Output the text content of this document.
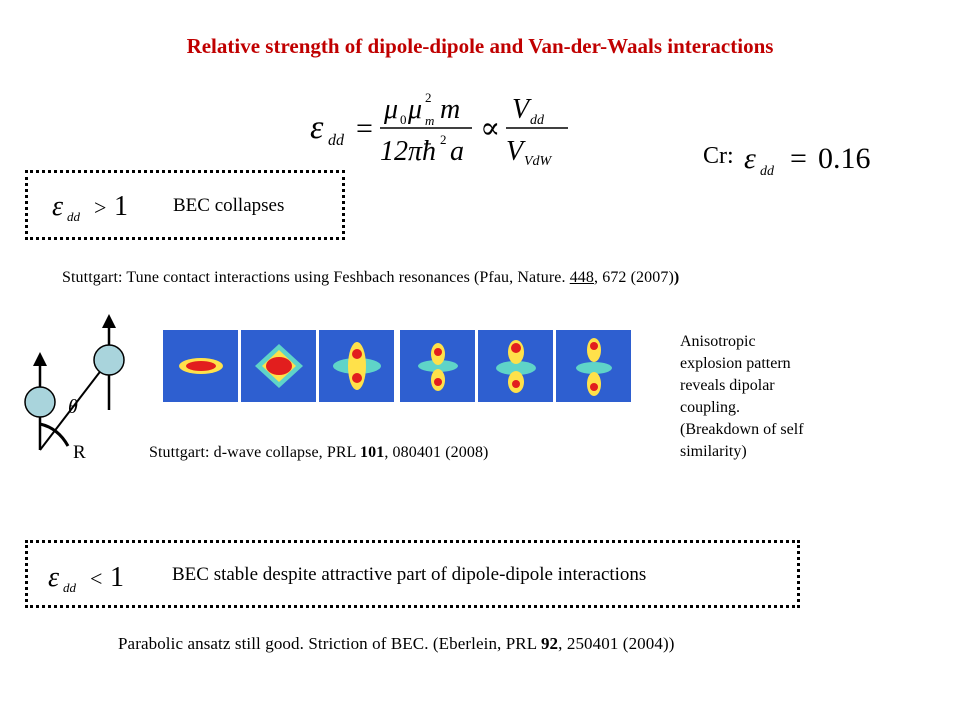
Relative strength of dipole-dipole and Van-der-Waals interactions
ε dd =
μ 0 μ 2
m m
12πħ 2 a
∝
V dd
V VdW	Cr: ε dd = 0.16
ε dd > 1 BEC collapses
Stuttgart: Tune contact interactions using Feshbach resonances (Pfau, Nature. 448, 672 (2007))
θ
R	Stuttgart: d-wave collapse, PRL 101, 080401 (2008)
Anisotropic
explosion pattern
reveals dipolar
coupling.
(Breakdown of self
similarity)
ε dd < 1	BEC stable despite attractive part of dipole-dipole interactions
Parabolic ansatz still good. Striction of BEC. (Eberlein, PRL 92, 250401 (2004))
